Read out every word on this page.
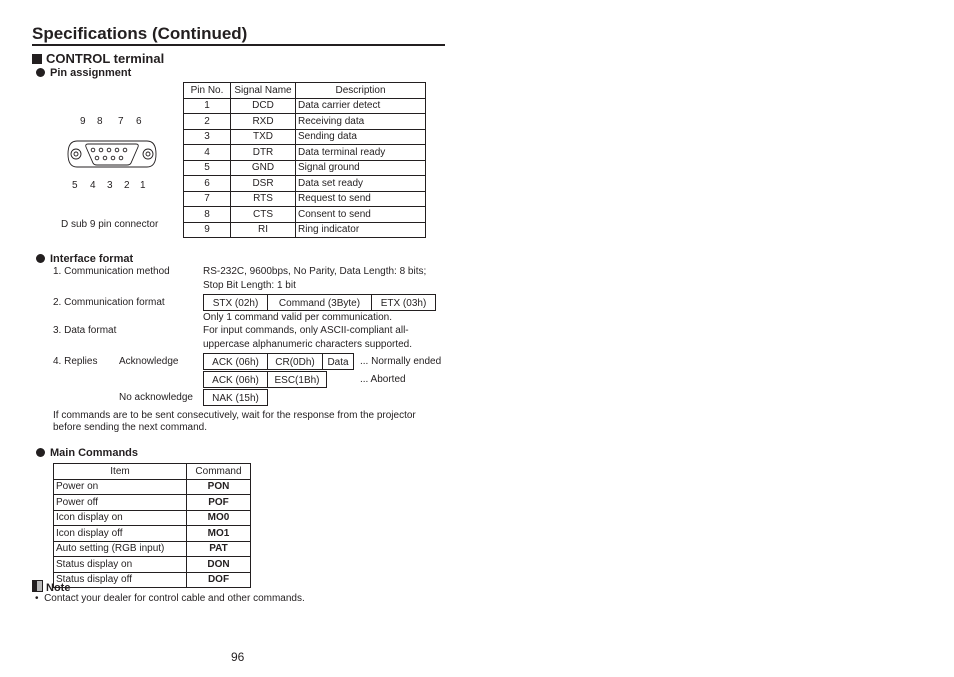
Specifications (Continued)
CONTROL terminal
Pin assignment
9 8 7 6
5 4 3 2 1
D sub 9 pin connector
Pin No.	Signal Name	Description
1	DCD	Data carrier detect
2	RXD	Receiving data
3	TXD	Sending data
4	DTR	Data terminal ready
5	GND	Signal ground
6	DSR	Data set ready
7	RTS	Request to send
8	CTS	Consent to send
9	RI	Ring indicator
Interface format
1. Communication method	RS-232C, 9600bps, No Parity, Data Length: 8 bits;
Stop Bit Length: 1 bit
2. Communication format	STX (02h)	Command (3Byte)	ETX (03h)
Only 1 command valid per communication.
3. Data format	For input commands, only ASCII-compliant all-
uppercase alphanumeric characters supported.
4. Replies Acknowledge	ACK (06h)	CR(0Dh)	Data	... Normally ended
ACK (06h)	ESC(1Bh)	... Aborted
No acknowledge	NAK (15h)
If commands are to be sent consecutively, wait for the response from the projector
before sending the next command.
Main Commands
Item	Command
Power on	PON
Power off	POF
Icon display on	MO0
Icon display off	MO1
Auto setting (RGB input)	PAT
Status display on	DON
Status display off	DOF
Note
•  Contact your dealer for control cable and other commands.
96
